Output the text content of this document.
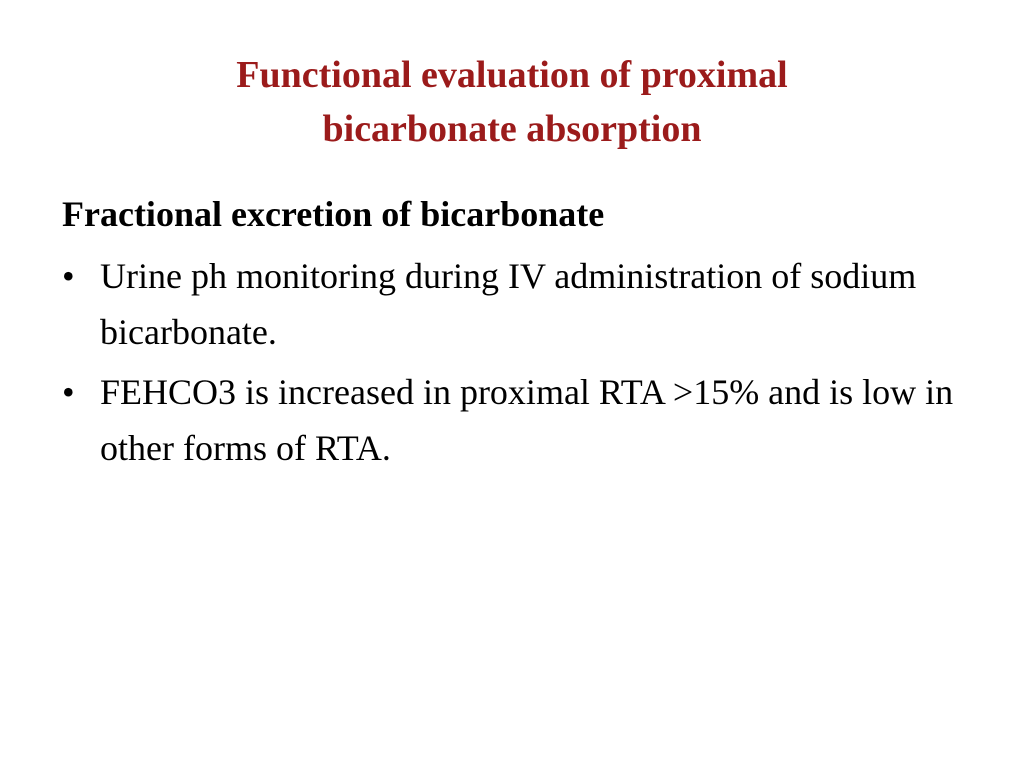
Functional evaluation of proximal
bicarbonate absorption
Fractional excretion of bicarbonate
• Urine ph monitoring during IV administration of sodium bicarbonate.
• FEHCO3 is increased in proximal RTA >15% and is low in other forms of RTA.
